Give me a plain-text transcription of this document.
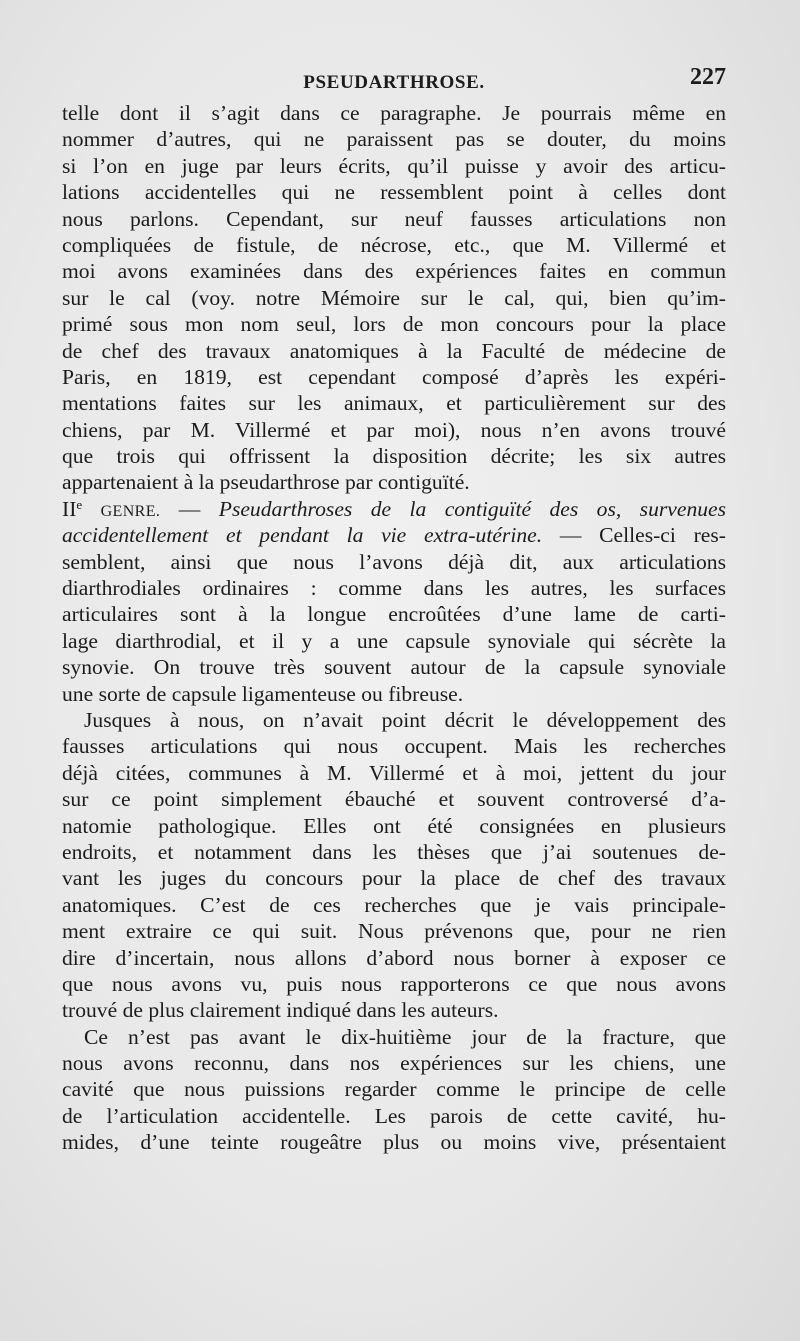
PSEUDARTHROSE.	227
telle dont il s’agit dans ce paragraphe. Je pourrais même en
nommer d’autres, qui ne paraissent pas se douter, du moins
si l’on en juge par leurs écrits, qu’il puisse y avoir des articu-
lations accidentelles qui ne ressemblent point à celles dont
nous parlons. Cependant, sur neuf fausses articulations non
compliquées de fistule, de nécrose, etc., que M. Villermé et
moi avons examinées dans des expériences faites en commun
sur le cal (voy. notre Mémoire sur le cal, qui, bien qu’im-
primé sous mon nom seul, lors de mon concours pour la place
de chef des travaux anatomiques à la Faculté de médecine de
Paris, en 1819, est cependant composé d’après les expéri-
mentations faites sur les animaux, et particulièrement sur des
chiens, par M. Villermé et par moi), nous n’en avons trouvé
que trois qui offrissent la disposition décrite; les six autres
appartenaient à la pseudarthrose par contiguïté.
IIe GENRE. — Pseudarthroses de la contiguïté des os, survenues
accidentellement et pendant la vie extra-utérine. — Celles-ci res-
semblent, ainsi que nous l’avons déjà dit, aux articulations
diarthrodiales ordinaires : comme dans les autres, les surfaces
articulaires sont à la longue encroûtées d’une lame de carti-
lage diarthrodial, et il y a une capsule synoviale qui sécrète la
synovie. On trouve très souvent autour de la capsule synoviale
une sorte de capsule ligamenteuse ou fibreuse.
Jusques à nous, on n’avait point décrit le développement des
fausses articulations qui nous occupent. Mais les recherches
déjà citées, communes à M. Villermé et à moi, jettent du jour
sur ce point simplement ébauché et souvent controversé d’a-
natomie pathologique. Elles ont été consignées en plusieurs
endroits, et notamment dans les thèses que j’ai soutenues de-
vant les juges du concours pour la place de chef des travaux
anatomiques. C’est de ces recherches que je vais principale-
ment extraire ce qui suit. Nous prévenons que, pour ne rien
dire d’incertain, nous allons d’abord nous borner à exposer ce
que nous avons vu, puis nous rapporterons ce que nous avons
trouvé de plus clairement indiqué dans les auteurs.
Ce n’est pas avant le dix-huitième jour de la fracture, que
nous avons reconnu, dans nos expériences sur les chiens, une
cavité que nous puissions regarder comme le principe de celle
de l’articulation accidentelle. Les parois de cette cavité, hu-
mides, d’une teinte rougeâtre plus ou moins vive, présentaient
